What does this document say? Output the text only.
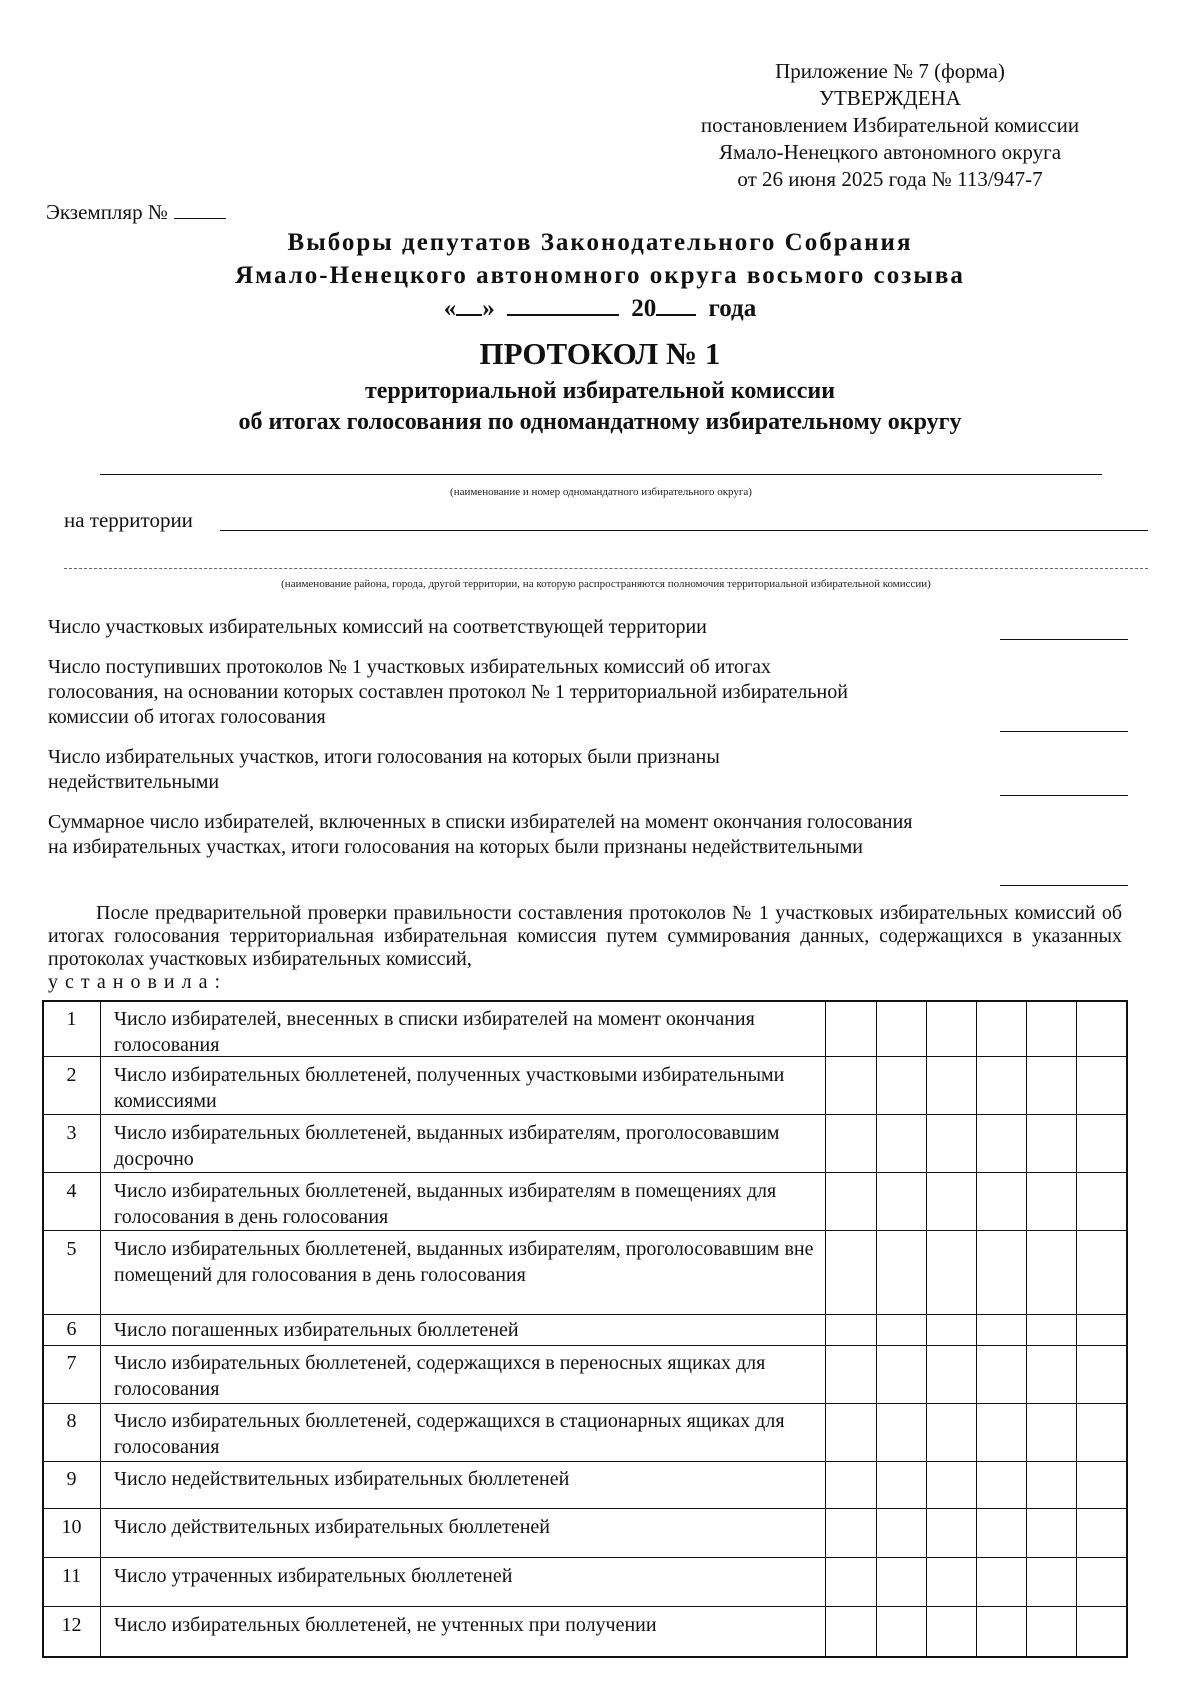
Приложение № 7 (форма)
УТВЕРЖДЕНА
постановлением Избирательной комиссии
Ямало-Ненецкого автономного округа
от 26 июня 2025 года № 113/947-7
Экземпляр №
Выборы депутатов Законодательного Собрания
Ямало-Ненецкого автономного округа восьмого созыва
« »	20 года
ПРОТОКОЛ № 1
территориальной избирательной комиссии
об итогах голосования по одномандатному избирательному округу
(наименование и номер одномандатного избирательного округа)
на территории
(наименование района, города, другой территории, на которую распространяются полномочия территориальной избирательной комиссии)
Число участковых избирательных комиссий на соответствующей территории
Число поступивших протоколов № 1 участковых избирательных комиссий об итогах голосования, на основании которых составлен протокол № 1 территориальной избирательной комиссии об итогах голосования
Число избирательных участков, итоги голосования на которых были признаны недействительными
Суммарное число избирателей, включенных в списки избирателей на момент окончания голосования на избирательных участках, итоги голосования на которых были признаны недействительными
После предварительной проверки правильности составления протоколов № 1 участковых избирательных комиссий об итогах голосования территориальная избирательная комиссия путем суммирования данных, содержащихся в указанных протоколах участковых избирательных комиссий,
установила:
1	Число избирателей, внесенных в списки избирателей на момент окончания голосования
2	Число избирательных бюллетеней, полученных участковыми избирательными комиссиями
3	Число избирательных бюллетеней, выданных избирателям, проголосовавшим досрочно
4	Число избирательных бюллетеней, выданных избирателям в помещениях для голосования в день голосования
5	Число избирательных бюллетеней, выданных избирателям, проголосовавшим вне помещений для голосования в день голосования
6	Число погашенных избирательных бюллетеней
7	Число избирательных бюллетеней, содержащихся в переносных ящиках для голосования
8	Число избирательных бюллетеней, содержащихся в стационарных ящиках для голосования
9	Число недействительных избирательных бюллетеней
10	Число действительных избирательных бюллетеней
11	Число утраченных избирательных бюллетеней
12	Число избирательных бюллетеней, не учтенных при получении
